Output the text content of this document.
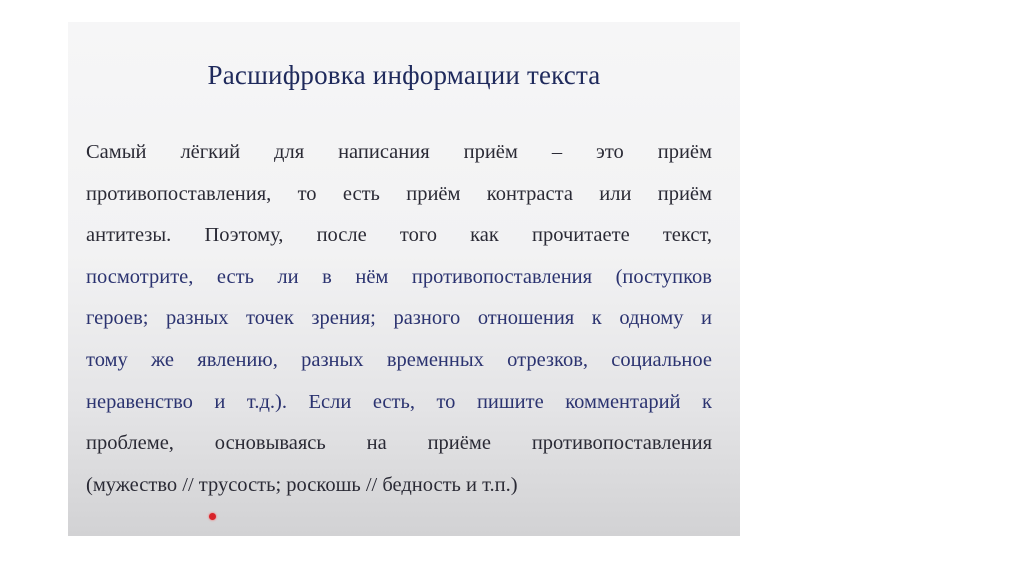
Расшифровка информации текста
Самый лёгкий для написания приём – это приём
противопоставления, то есть приём контраста или приём
антитезы. Поэтому, после того как прочитаете текст,
посмотрите, есть ли в нём противопоставления (поступков
героев; разных точек зрения; разного отношения к одному и
тому же явлению, разных временных отрезков, социальное
неравенство и т.д.). Если есть, то пишите комментарий к
проблеме, основываясь на приёме противопоставления
(мужество // трусость; роскошь // бедность и т.п.)
